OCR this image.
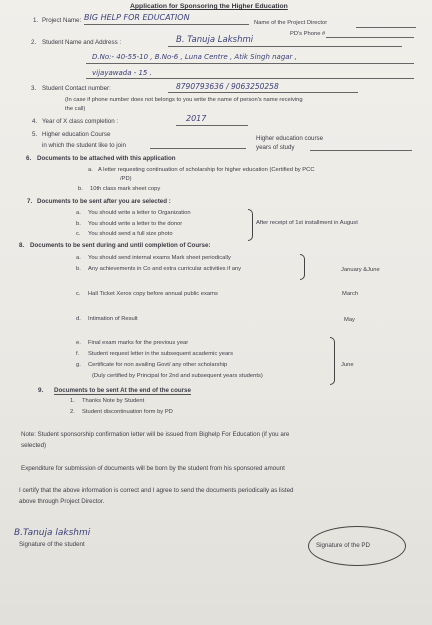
Application for Sponsoring the Higher Education
1. Project Name: BIG HELP FOR EDUCATION
Name of the Project Director
PD's Phone #
2. Student Name and Address :	B. Tanuja Lakshmi
D.No:- 40-55-10 , B.No-6 , Luna Centre , Atik Singh nagar ,
vijayawada - 15 .
3. Student Contact number:	8790793636 / 9063250258
(In case if phone number does not belongs to you write the name of person's name receiving
the call)
4. Year of X class completion :	2017
5. Higher education Course
in which the student like to join
Higher education course
years of study
6. Documents to be attached with this application
a. A letter requesting continuation of scholarship for higher education (Certified by PCC
/PD)
b. 10th class mark sheet copy
7. Documents to be sent after you are selected :
a. You should write a letter to Organization
b. You should write a letter to the donor
c. You should send a full size photo
After receipt of 1st installment in August
8. Documents to be sent during and until completion of Course:
a. You should send internal exams Mark sheet periodically
b. Any achievements in Co and extra curricular activities if any	January &June
c. Hall Ticket Xerox copy before annual public exams	March
d. Intimation of Result	May
e. Final exam marks for the previous year
f. Student request letter in the subsequent academic years
g. Certificate for non availing Govt/ any other scholarship
(Duly certified by Principal for 2nd and subsequent years students)
June
9. Documents to be sent At the end of the course
1. Thanks Note by Student
2. Student discontinuation form by PD
Note: Student sponsorship confirmation letter will be issued from Bighelp For Education (if you are
selected)
Expenditure for submission of documents will be born by the student from his sponsored amount
I certify that the above information is correct and I agree to send the documents periodically as listed
above through Project Director.
B.Tanuja lakshmi
Signature of the student	Signature of the PD
